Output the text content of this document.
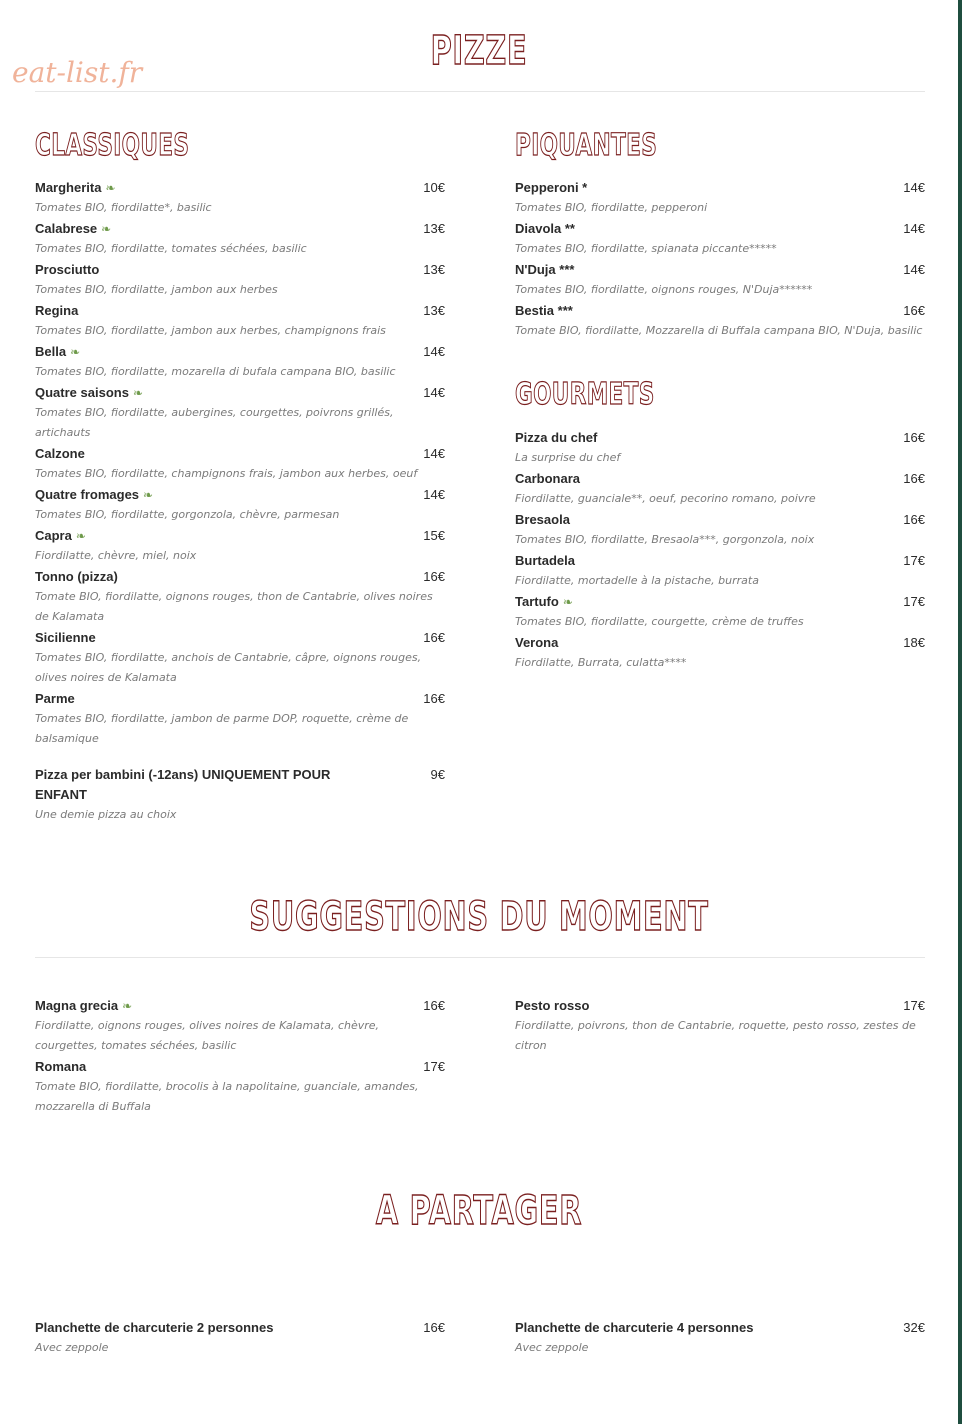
eat-list.fr	PIZZE
CLASSIQUES
Margherita ❧	10€
Tomates BIO, fiordilatte*, basilic
Calabrese ❧	13€
Tomates BIO, fiordilatte, tomates séchées, basilic
Prosciutto	13€
Tomates BIO, fiordilatte, jambon aux herbes
Regina	13€
Tomates BIO, fiordilatte, jambon aux herbes, champignons frais
Bella ❧	14€
Tomates BIO, fiordilatte, mozarella di bufala campana BIO, basilic
Quatre saisons ❧	14€
Tomates BIO, fiordilatte, aubergines, courgettes, poivrons grillés, artichauts
Calzone	14€
Tomates BIO, fiordilatte, champignons frais, jambon aux herbes, oeuf
Quatre fromages ❧	14€
Tomates BIO, fiordilatte, gorgonzola, chèvre, parmesan
Capra ❧	15€
Fiordilatte, chèvre, miel, noix
Tonno (pizza)	16€
Tomate BIO, fiordilatte, oignons rouges, thon de Cantabrie, olives noires de Kalamata
Sicilienne	16€
Tomates BIO, fiordilatte, anchois de Cantabrie, câpre, oignons rouges, olives noires de Kalamata
Parme	16€
Tomates BIO, fiordilatte, jambon de parme DOP, roquette, crème de balsamique
Pizza per bambini (-12ans) UNIQUEMENT POUR ENFANT
9€
Une demie pizza au choix
PIQUANTES
Pepperoni *	14€
Tomates BIO, fiordilatte, pepperoni
Diavola **	14€
Tomates BIO, fiordilatte, spianata piccante*****
N'Duja ***	14€
Tomates BIO, fiordilatte, oignons rouges, N'Duja******
Bestia ***	16€
Tomate BIO, fiordilatte, Mozzarella di Buffala campana BIO, N'Duja, basilic
GOURMETS
Pizza du chef	16€
La surprise du chef
Carbonara	16€
Fiordilatte, guanciale**, oeuf, pecorino romano, poivre
Bresaola	16€
Tomates BIO, fiordilatte, Bresaola***, gorgonzola, noix
Burtadela	17€
Fiordilatte, mortadelle à la pistache, burrata
Tartufo ❧	17€
Tomates BIO, fiordilatte, courgette, crème de truffes
Verona	18€
Fiordilatte, Burrata, culatta****
SUGGESTIONS DU MOMENT
Magna grecia ❧	16€
Fiordilatte, oignons rouges, olives noires de Kalamata, chèvre, courgettes, tomates séchées, basilic
Romana	17€
Tomate BIO, fiordilatte, brocolis à la napolitaine, guanciale, amandes, mozzarella di Buffala
Pesto rosso	17€
Fiordilatte, poivrons, thon de Cantabrie, roquette, pesto rosso, zestes de citron
A PARTAGER
Planchette de charcuterie 2 personnes	16€
Avec zeppole
Planchette de charcuterie 4 personnes	32€
Avec zeppole
